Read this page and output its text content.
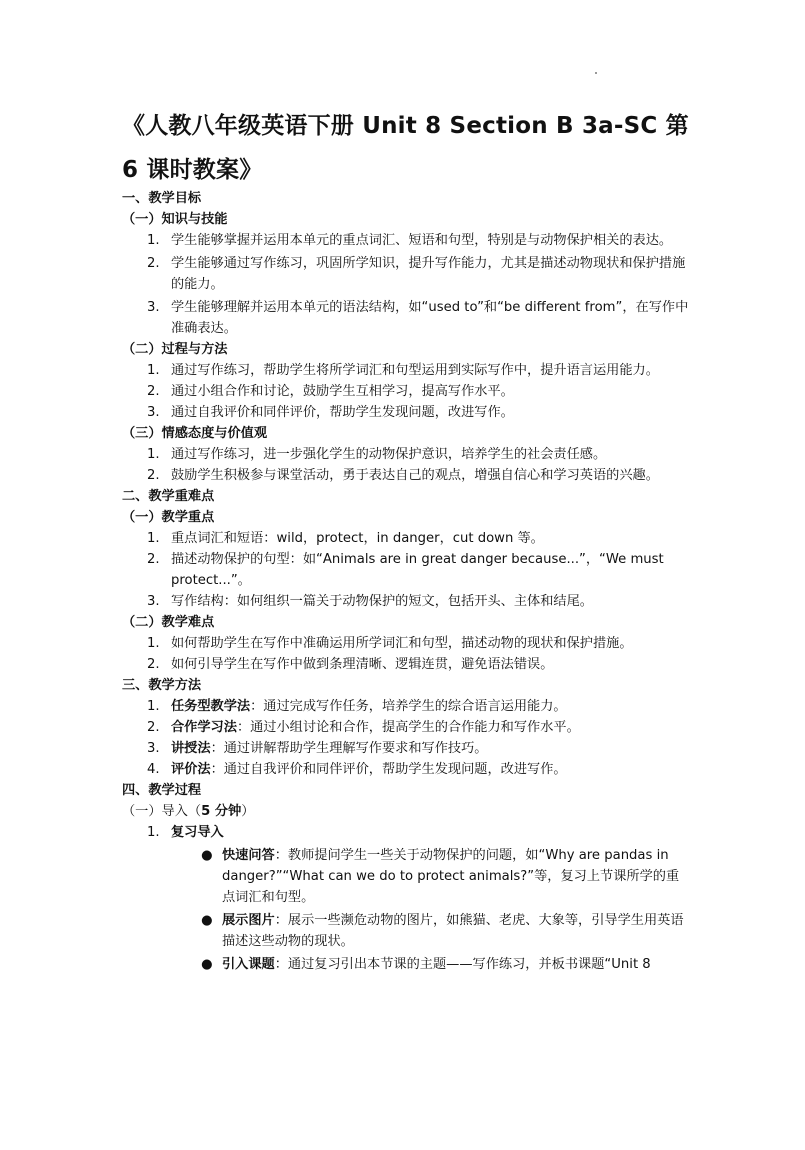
《人教八年级英语下册 Unit 8 Section B 3a-SC 第 6 课时教案》
一、教学目标
（一）知识与技能
1. 学生能够掌握并运用本单元的重点词汇、短语和句型，特别是与动物保护相关的表达。
2. 学生能够通过写作练习，巩固所学知识，提升写作能力，尤其是描述动物现状和保护措施的能力。
3. 学生能够理解并运用本单元的语法结构，如“used to”和“be different from”，在写作中准确表达。
（二）过程与方法
1. 通过写作练习，帮助学生将所学词汇和句型运用到实际写作中，提升语言运用能力。
2. 通过小组合作和讨论，鼓励学生互相学习，提高写作水平。
3. 通过自我评价和同伴评价，帮助学生发现问题，改进写作。
（三）情感态度与价值观
1. 通过写作练习，进一步强化学生的动物保护意识，培养学生的社会责任感。
2. 鼓励学生积极参与课堂活动，勇于表达自己的观点，增强自信心和学习英语的兴趣。
二、教学重难点
（一）教学重点
1. 重点词汇和短语：wild，protect，in danger，cut down 等。
2. 描述动物保护的句型：如“Animals are in great danger because...”，“We must protect...”。
3. 写作结构：如何组织一篇关于动物保护的短文，包括开头、主体和结尾。
（二）教学难点
1. 如何帮助学生在写作中准确运用所学词汇和句型，描述动物的现状和保护措施。
2. 如何引导学生在写作中做到条理清晰、逻辑连贯，避免语法错误。
三、教学方法
1. 任务型教学法：通过完成写作任务，培养学生的综合语言运用能力。
2. 合作学习法：通过小组讨论和合作，提高学生的合作能力和写作水平。
3. 讲授法：通过讲解帮助学生理解写作要求和写作技巧。
4. 评价法：通过自我评价和同伴评价，帮助学生发现问题，改进写作。
四、教学过程
（一）导入（5 分钟）
1. 复习导入
● 快速问答：教师提问学生一些关于动物保护的问题，如“Why are pandas in danger?”“What can we do to protect animals?”等，复习上节课所学的重点词汇和句型。
● 展示图片：展示一些濒危动物的图片，如熊猫、老虎、大象等，引导学生用英语描述这些动物的现状。
● 引入课题：通过复习引出本节课的主题——写作练习，并板书课题“Unit 8
